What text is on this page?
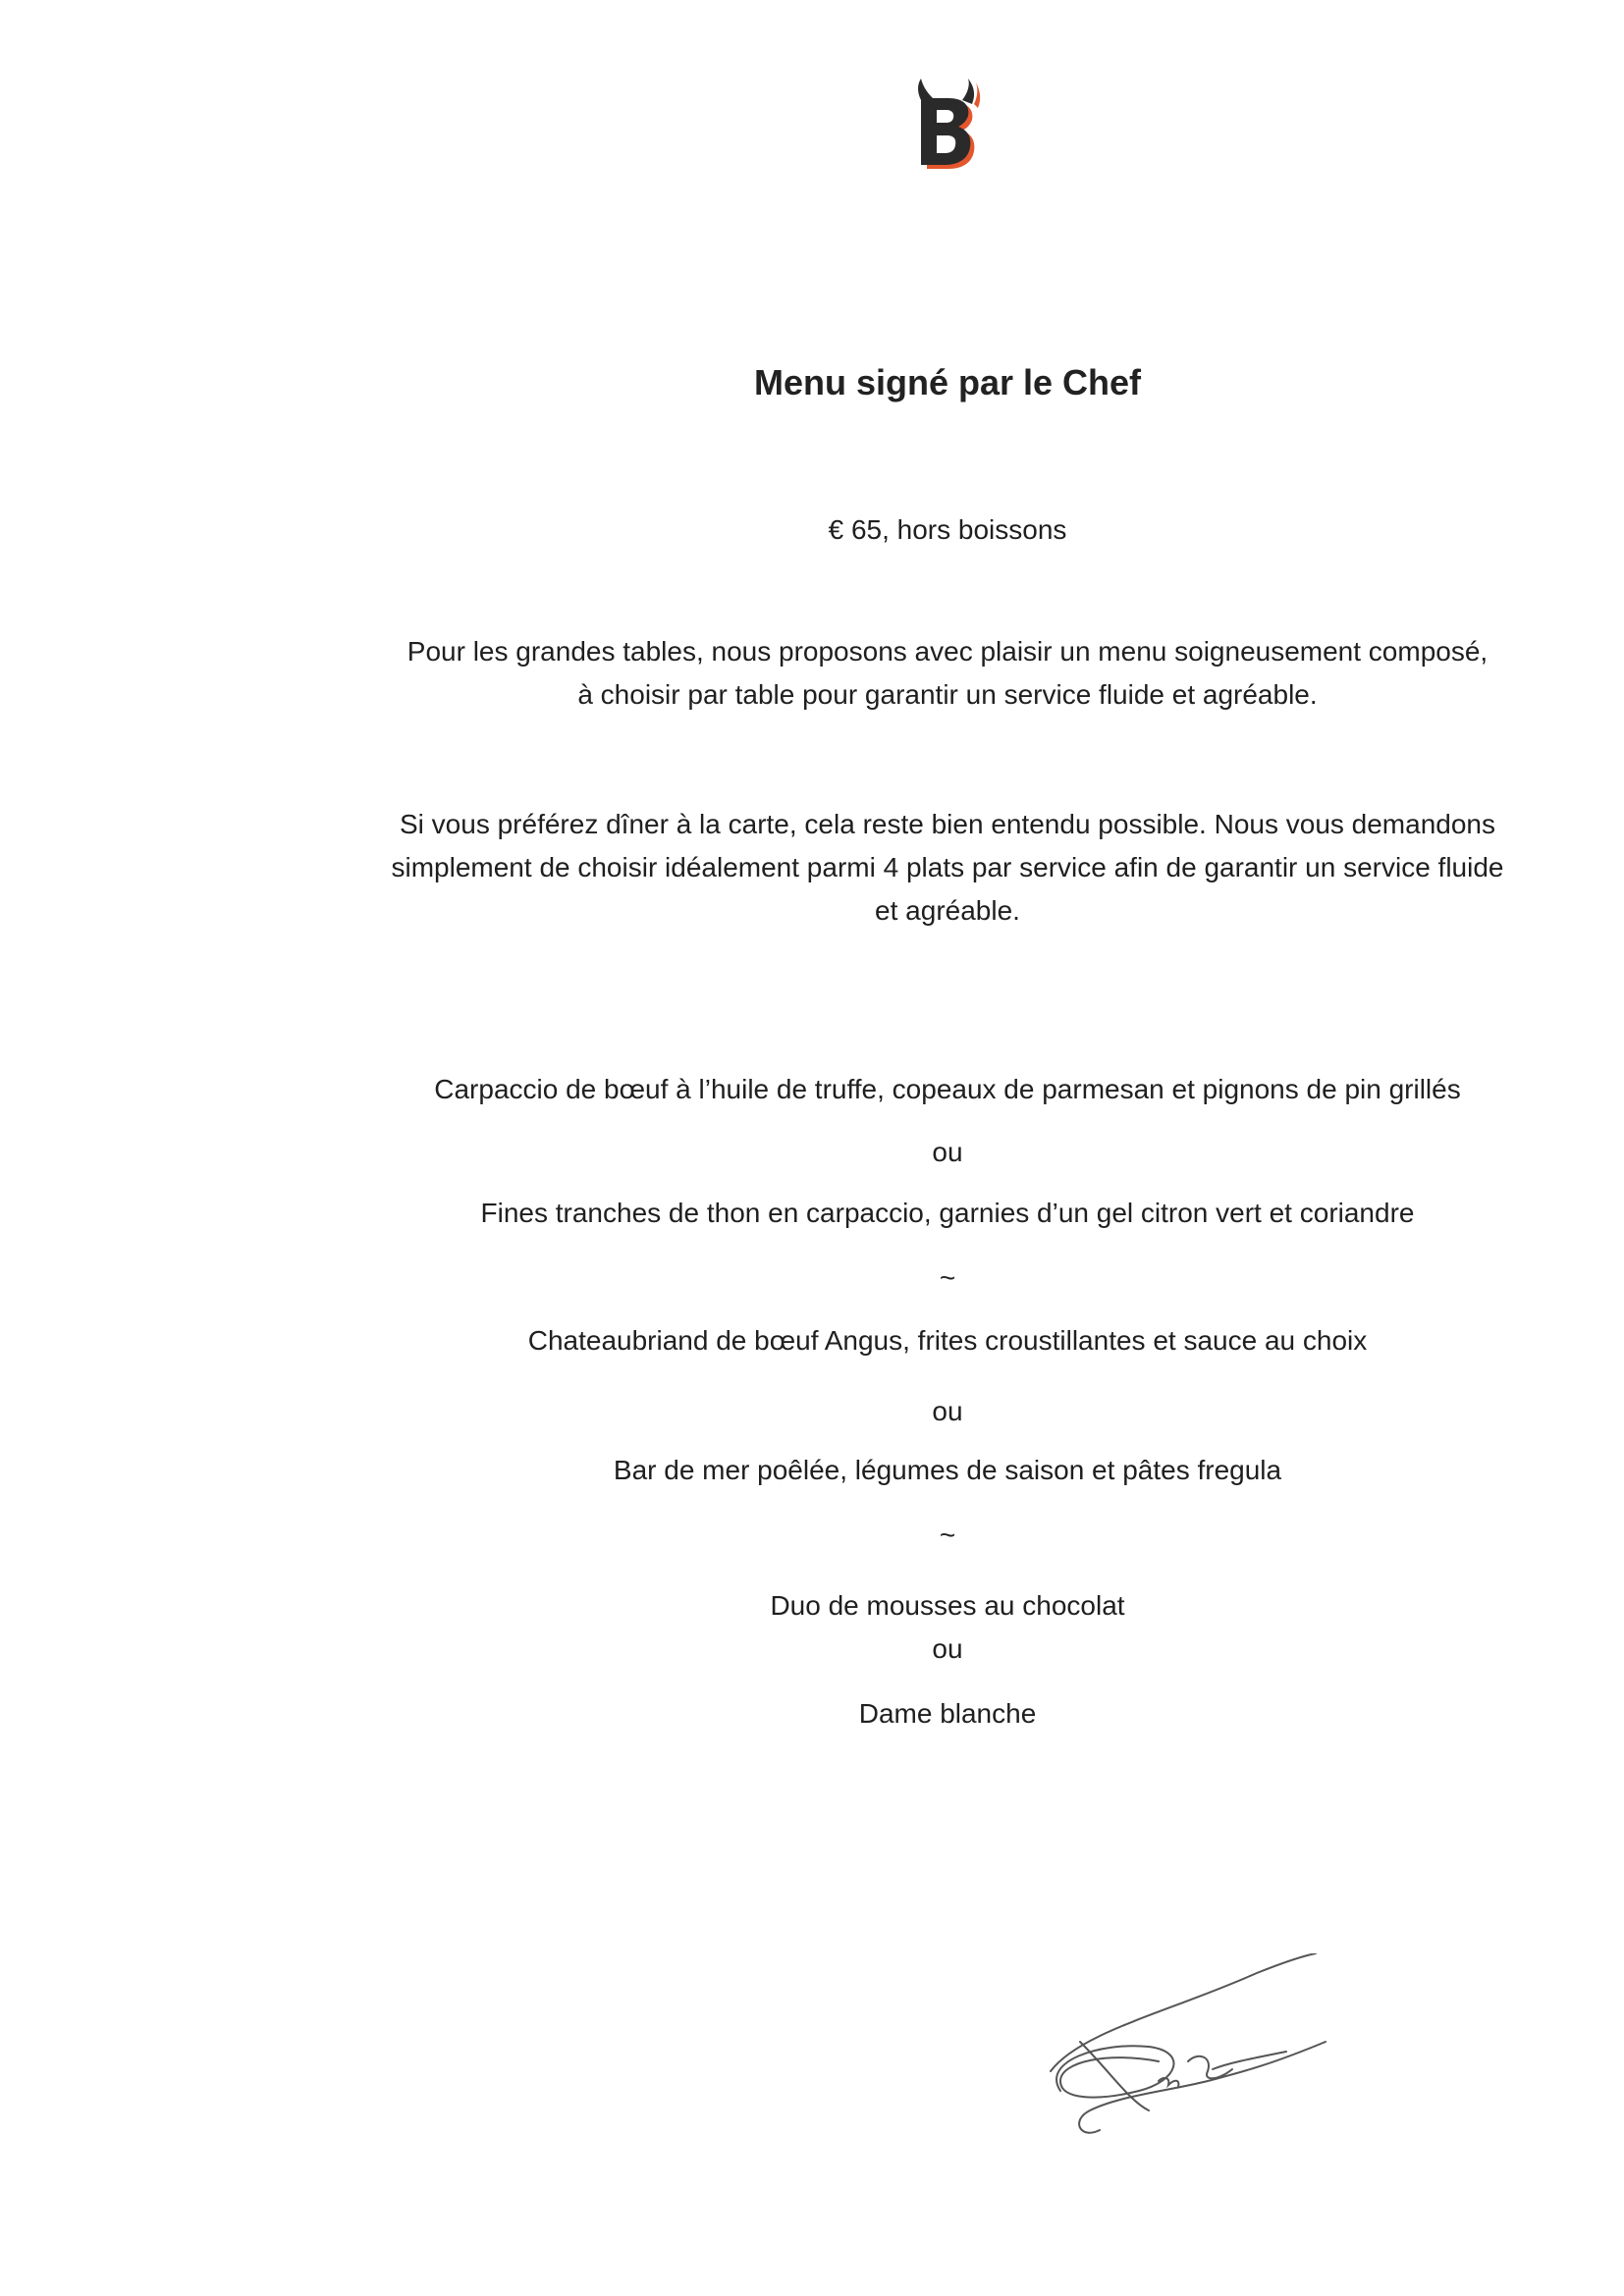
Menu signé par le Chef
€ 65, hors boissons
Pour les grandes tables, nous proposons avec plaisir un menu soigneusement composé,
à choisir par table pour garantir un service fluide et agréable.
Si vous préférez dîner à la carte, cela reste bien entendu possible. Nous vous demandons
simplement de choisir idéalement parmi 4 plats par service afin de garantir un service fluide
et agréable.
Carpaccio de bœuf à l’huile de truffe, copeaux de parmesan et pignons de pin grillés
ou
Fines tranches de thon en carpaccio, garnies d’un gel citron vert et coriandre
~
Chateaubriand de bœuf Angus, frites croustillantes et sauce au choix
ou
Bar de mer poêlée, légumes de saison et pâtes fregula
~
Duo de mousses au chocolat
ou
Dame blanche
